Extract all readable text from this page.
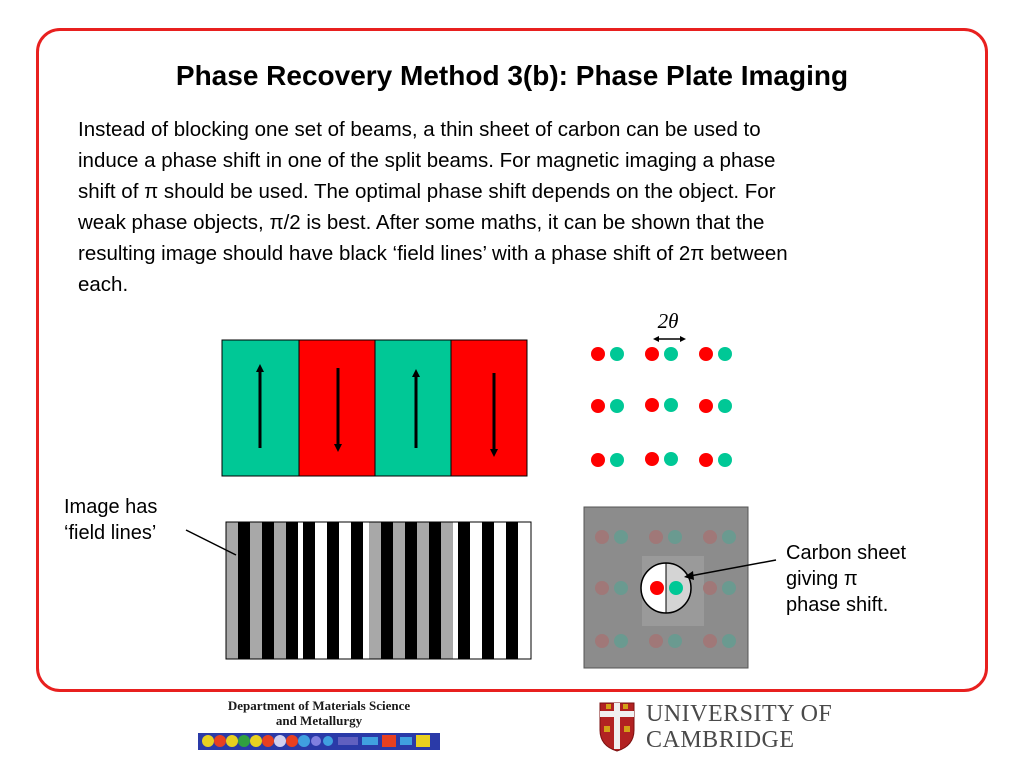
Phase Recovery Method 3(b): Phase Plate Imaging
Instead of blocking one set of beams, a thin sheet of carbon can be used to
induce a phase shift in one of the split beams. For magnetic imaging a phase
shift of π should be used. The optimal phase shift depends on the object. For
weak phase objects, π/2 is best. After some maths, it can be shown that the
resulting image should have black ‘field lines’ with a phase shift of 2π between
each.
2θ
Image has
‘field lines’
Carbon sheet
giving π
phase shift.
Department of Materials Science
and Metallurgy	UNIVERSITY OF
CAMBRIDGE
